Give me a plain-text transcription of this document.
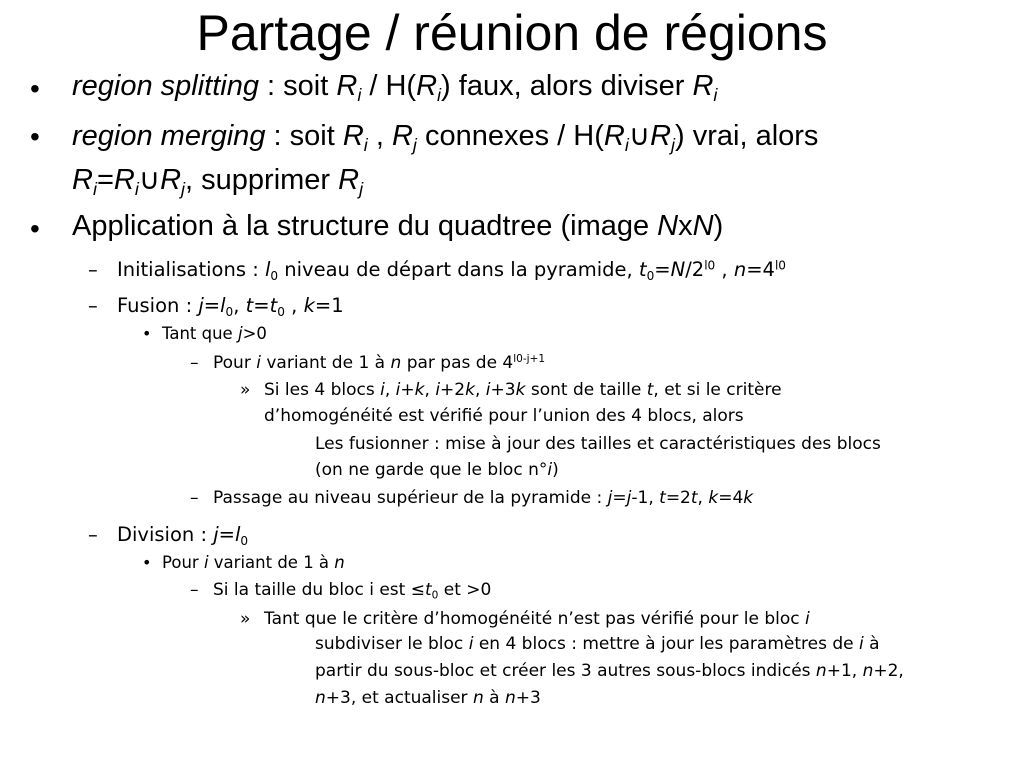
Partage / réunion de régions
• region splitting : soit $R_i / H(R_i)$ faux, alors diviser $R_i$
• region merging : soit $R_i$ , $R_j$ connexes / $H(R_i\cup R_j)$ vrai, alors
$R_i=R_i\cup R_j$, supprimer $R_j$
• Application à la structure du quadtree (image NxN)
– Initialisations : $l_0$ niveau de départ dans la pyramide, $t_0=N/2^{l0}$ , $n=4^{l0}$
– Fusion : $j=l_0$, $t=t_0$ , k=1
• Tant que j>0
– Pour i variant de 1 à n par pas de $4^{l0-j+1}$
» Si les 4 blocs i, i+k, i+2k, i+3k sont de taille t, et si le critère
d’homogénéité est vérifié pour l’union des 4 blocs, alors
Les fusionner : mise à jour des tailles et caractéristiques des blocs
(on ne garde que le bloc n°i)
– Passage au niveau supérieur de la pyramide : j=j-1, t=2t, k=4k
– Division : $j=l_0$
• Pour i variant de 1 à n
– Si la taille du bloc i est $\le t_0$ et >0
» Tant que le critère d’homogénéité n’est pas vérifié pour le bloc i
subdiviser le bloc i en 4 blocs : mettre à jour les paramètres de i à
partir du sous-bloc et créer les 3 autres sous-blocs indicés n+1, n+2,
n+3, et actualiser n à n+3
